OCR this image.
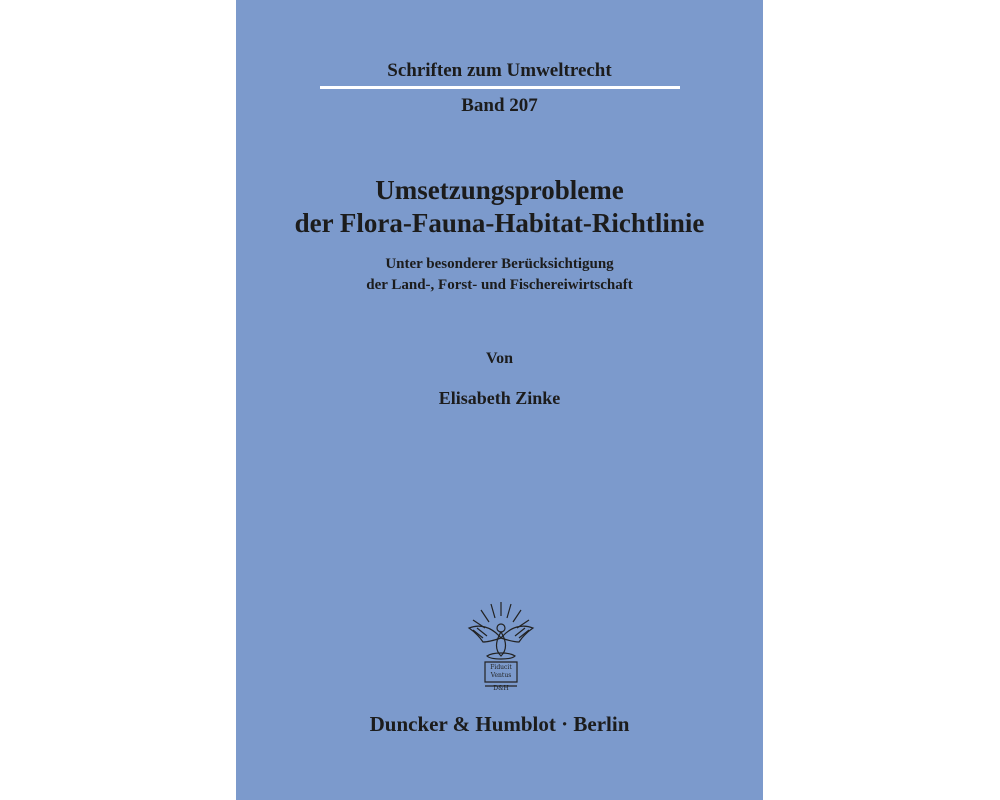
Schriften zum Umweltrecht
Band 207
Umsetzungsprobleme
der Flora-Fauna-Habitat-Richtlinie
Unter besonderer Berücksichtigung
der Land-, Forst- und Fischereiwirtschaft
Von
Elisabeth Zinke
Fiducit
Ventus
D&H
Duncker & Humblot · Berlin
